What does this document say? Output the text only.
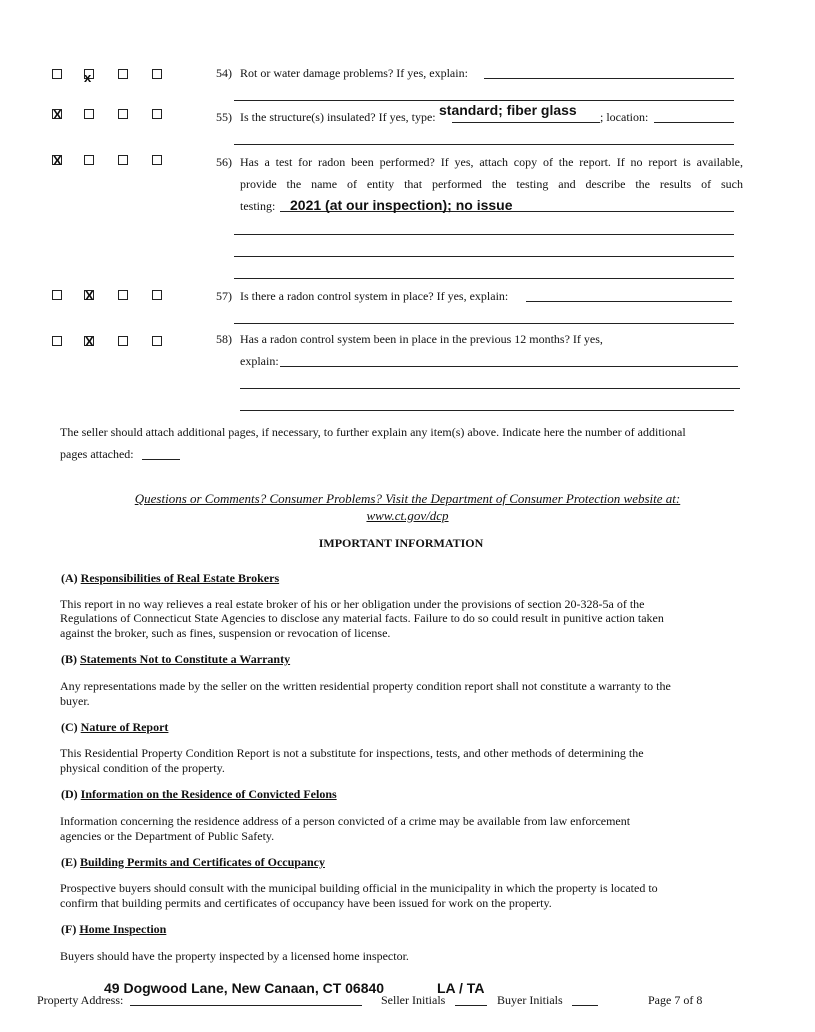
x	54) Rot or water damage problems? If yes, explain:
X	55) Is the structure(s) insulated? If yes, type: standard; fiber glass ; location:
X	56) Has a test for radon been performed? If yes, attach copy of the report. If no report is available,
provide the name of entity that performed the testing and describe the results of such
testing: 2021 (at our inspection); no issue
X	57) Is there a radon control system in place? If yes, explain:
X	58) Has a radon control system been in place in the previous 12 months? If yes,
explain:
The seller should attach additional pages, if necessary, to further explain any item(s) above. Indicate here the number of additional
pages attached:
Questions or Comments? Consumer Problems? Visit the Department of Consumer Protection website at:
www.ct.gov/dcp
IMPORTANT INFORMATION
(A) Responsibilities of Real Estate Brokers
This report in no way relieves a real estate broker of his or her obligation under the provisions of section 20-328-5a of the
Regulations of Connecticut State Agencies to disclose any material facts. Failure to do so could result in punitive action taken
against the broker, such as fines, suspension or revocation of license.
(B) Statements Not to Constitute a Warranty
Any representations made by the seller on the written residential property condition report shall not constitute a warranty to the
buyer.
(C) Nature of Report
This Residential Property Condition Report is not a substitute for inspections, tests, and other methods of determining the
physical condition of the property.
(D) Information on the Residence of Convicted Felons
Information concerning the residence address of a person convicted of a crime may be available from law enforcement
agencies or the Department of Public Safety.
(E) Building Permits and Certificates of Occupancy
Prospective buyers should consult with the municipal building official in the municipality in which the property is located to
confirm that building permits and certificates of occupancy have been issued for work on the property.
(F) Home Inspection
Buyers should have the property inspected by a licensed home inspector.
49 Dogwood Lane, New Canaan, CT 06840	LA / TA
Property Address:	Seller Initials	Buyer Initials	Page 7 of 8
